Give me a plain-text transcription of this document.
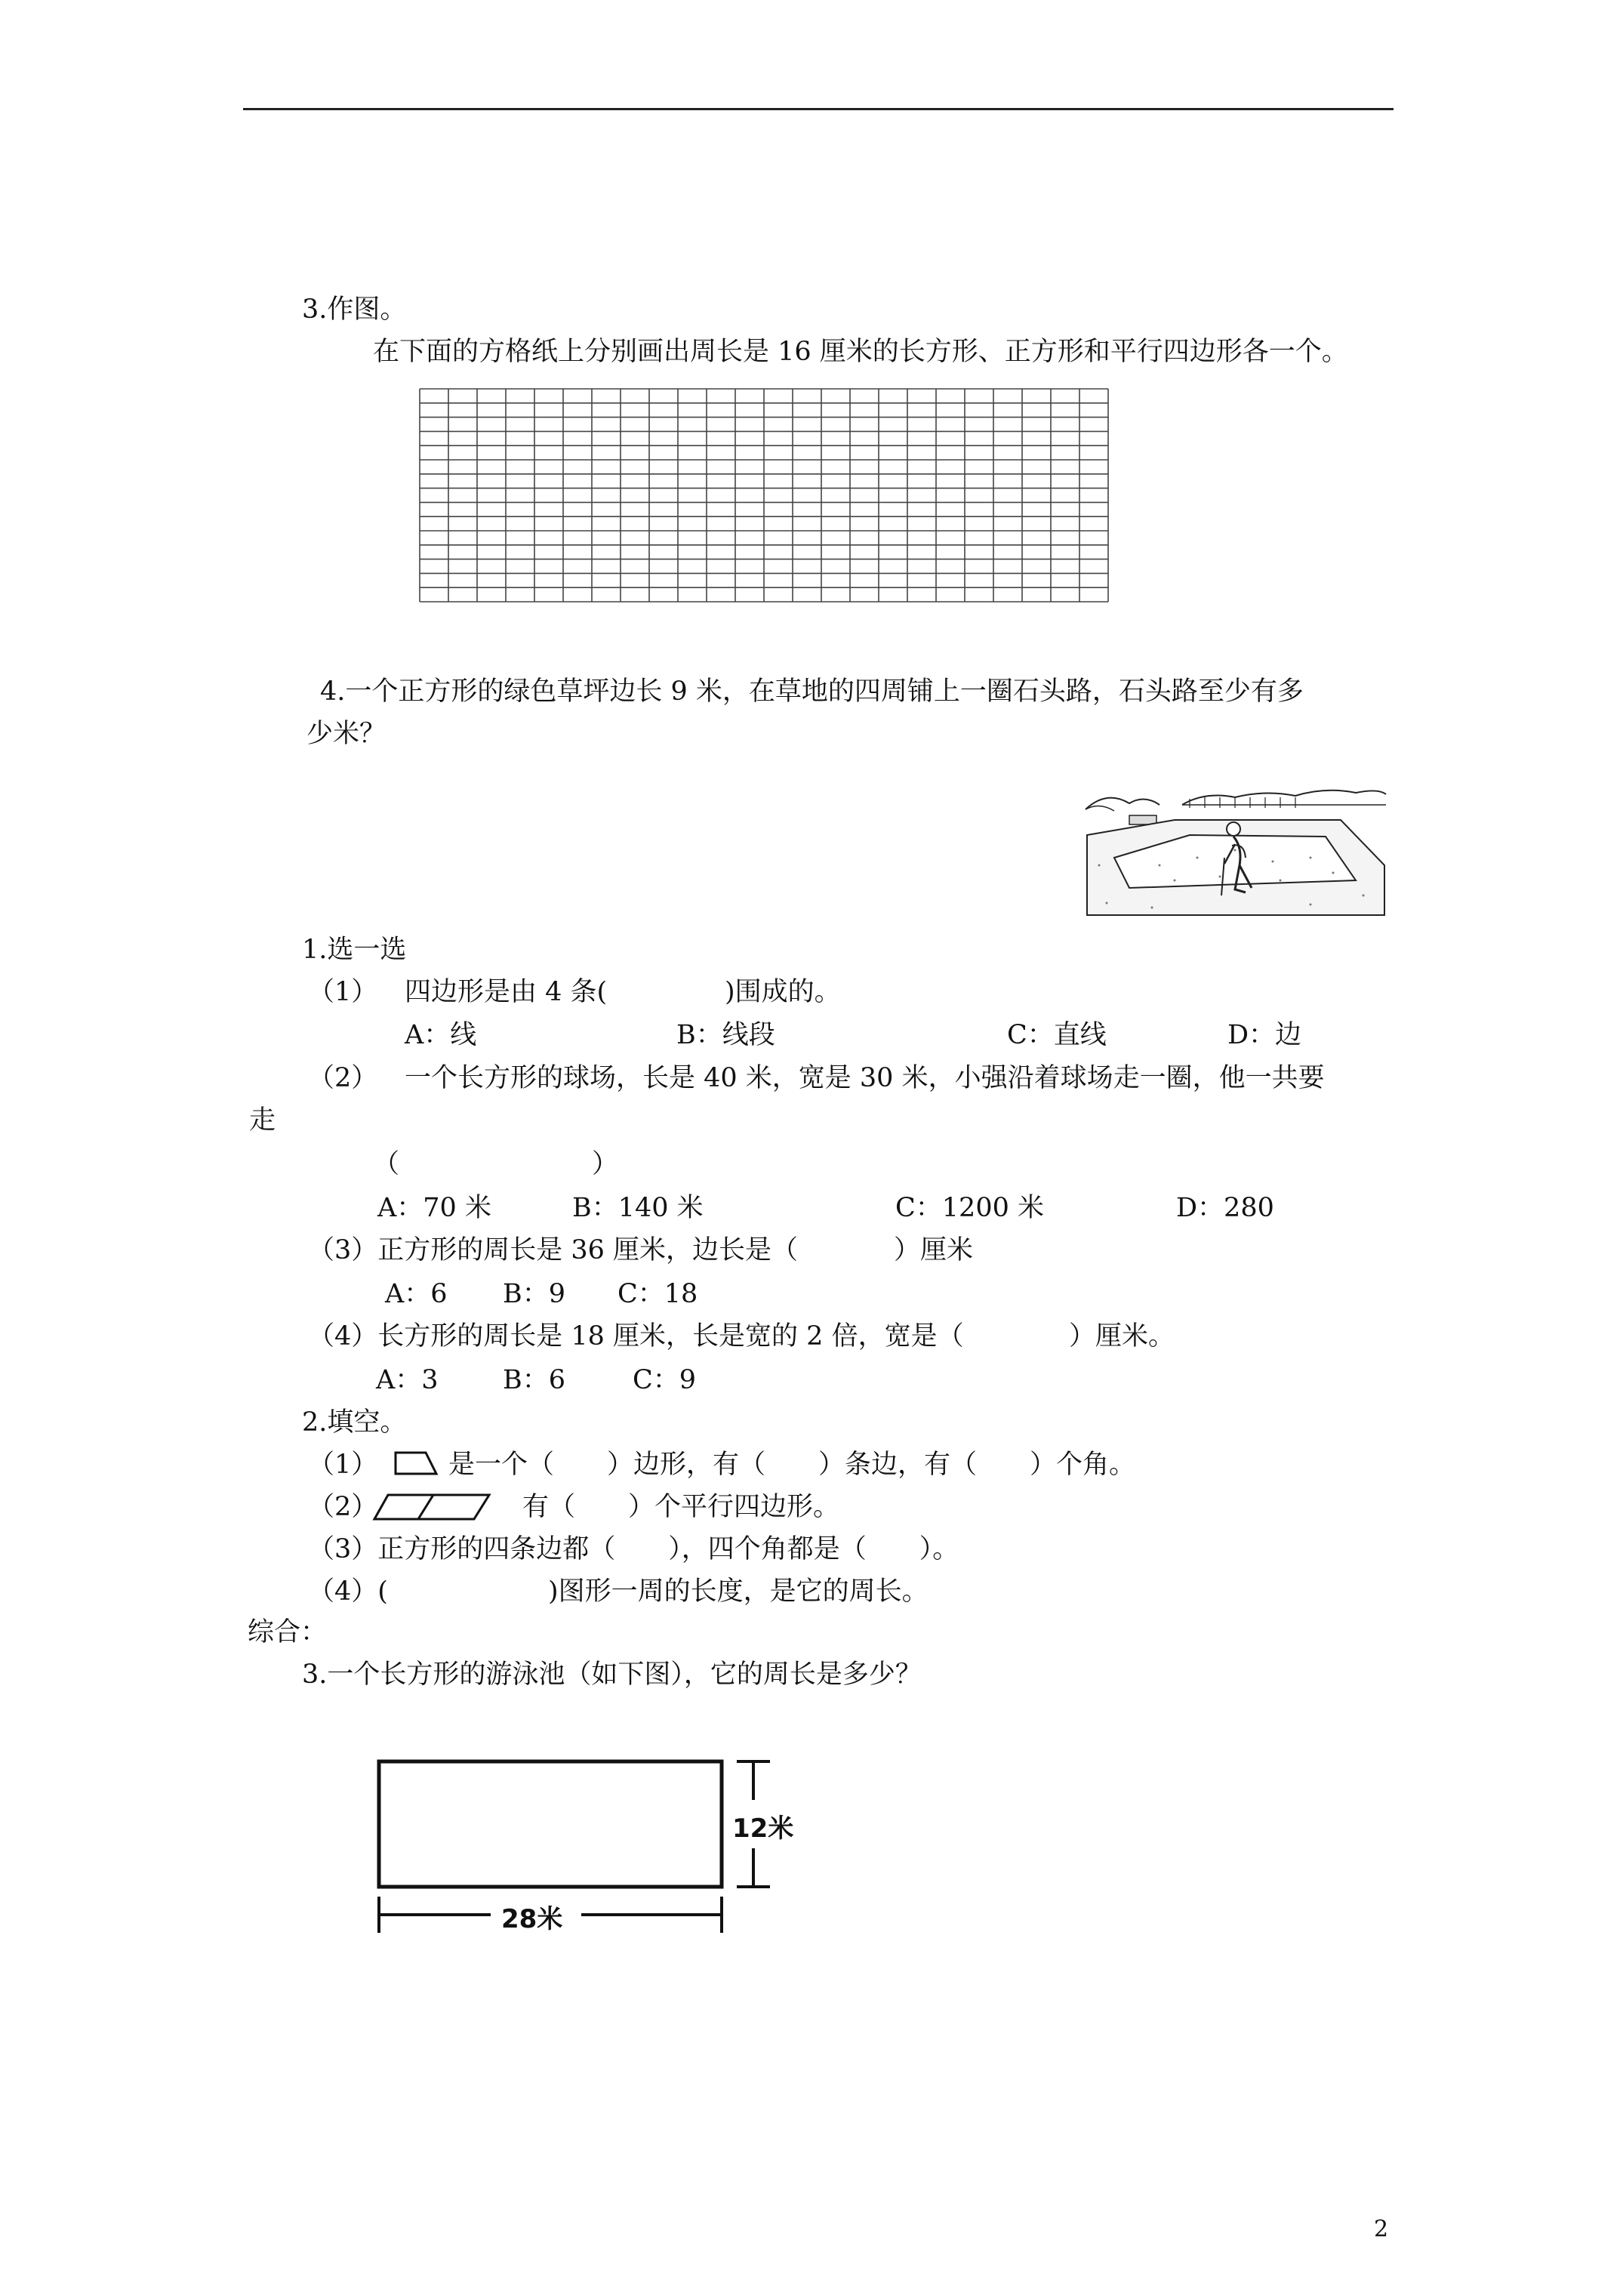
3.作图。
在下面的方格纸上分别画出周长是 16 厘米的长方形、正方形和平行四边形各一个。
4.一个正方形的绿色草坪边长 9 米，在草地的四周铺上一圈石头路，石头路至少有多
少米？
1.选一选
（1） 四边形是由 4 条(	)围成的。
A：线	B：线段	C：直线	D：边
（2） 一个长方形的球场，长是 40 米，宽是 30 米，小强沿着球场走一圈，他一共要
走
（	）
A：70 米	B：140 米	C：1200 米	D：280
（3）正方形的周长是 36 厘米，边长是（	）厘米
A：6 B：9 C：18
（4）长方形的周长是 18 厘米，长是宽的 2 倍，宽是（	）厘米。
A：3 B：6	C：9
2.填空。
（1）	是一个（　　）边形，有（　　）条边，有（　　）个角。
（2）	有（　　）个平行四边形。
（3）正方形的四条边都（　　），四个角都是（　　）。
（4）(	)图形一周的长度，是它的周长。
综合：
3.一个长方形的游泳池（如下图），它的周长是多少？
12米
28米
2
